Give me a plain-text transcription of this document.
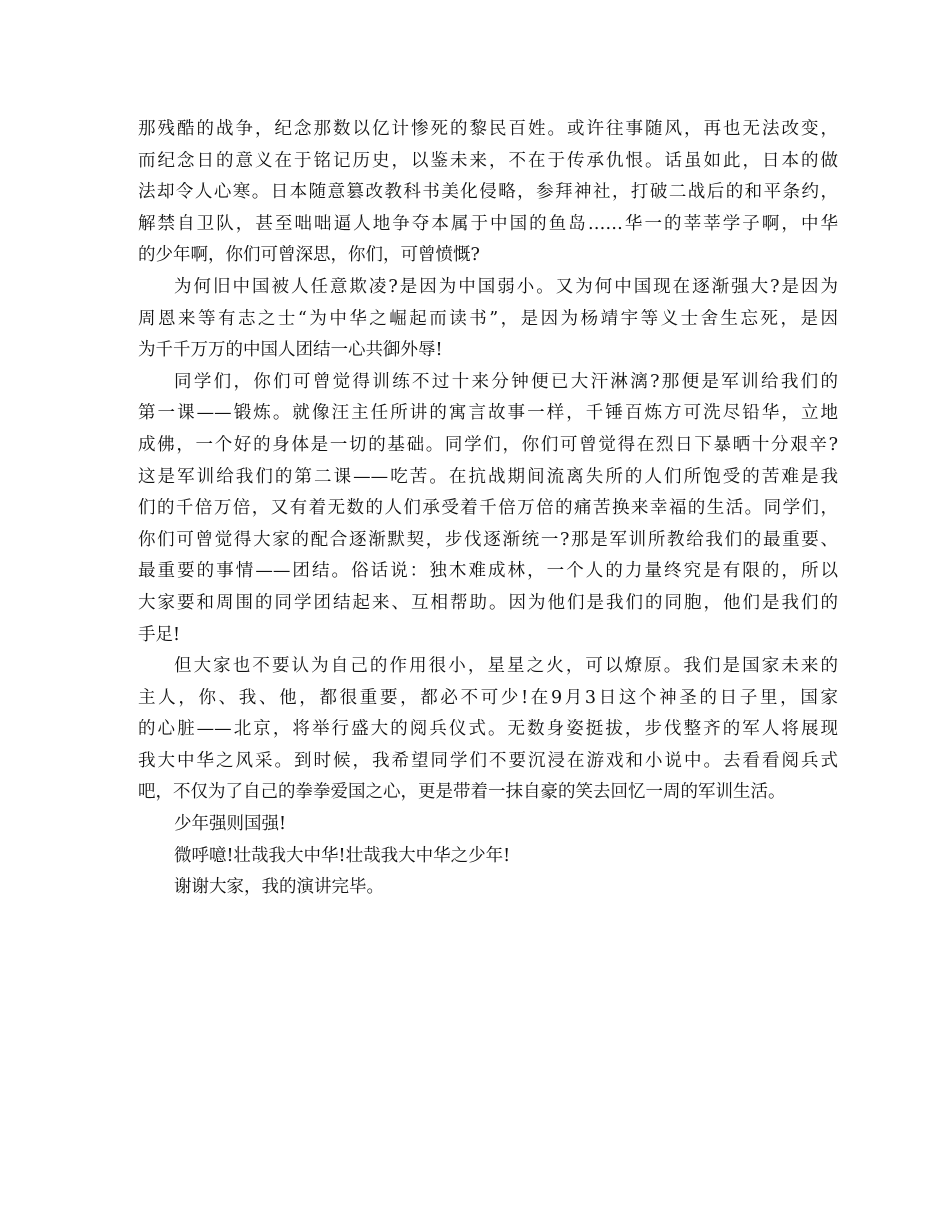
那残酷的战争，纪念那数以亿计惨死的黎民百姓。或许往事随风，再也无法改变，
而纪念日的意义在于铭记历史，以鉴未来，不在于传承仇恨。话虽如此，日本的做
法却令人心寒。日本随意篡改教科书美化侵略，参拜神社，打破二战后的和平条约，
解禁自卫队，甚至咄咄逼人地争夺本属于中国的鱼岛……华一的莘莘学子啊，中华
的少年啊，你们可曾深思，你们，可曾愤慨?
为何旧中国被人任意欺凌?是因为中国弱小。又为何中国现在逐渐强大?是因为
周恩来等有志之士“为中华之崛起而读书”，是因为杨靖宇等义士舍生忘死，是因
为千千万万的中国人团结一心共御外辱!
同学们，你们可曾觉得训练不过十来分钟便已大汗淋漓?那便是军训给我们的
第一课——锻炼。就像汪主任所讲的寓言故事一样，千锤百炼方可洗尽铅华，立地
成佛，一个好的身体是一切的基础。同学们，你们可曾觉得在烈日下暴晒十分艰辛?
这是军训给我们的第二课——吃苦。在抗战期间流离失所的人们所饱受的苦难是我
们的千倍万倍，又有着无数的人们承受着千倍万倍的痛苦换来幸福的生活。同学们，
你们可曾觉得大家的配合逐渐默契，步伐逐渐统一?那是军训所教给我们的最重要、
最重要的事情——团结。俗话说：独木难成林，一个人的力量终究是有限的，所以
大家要和周围的同学团结起来、互相帮助。因为他们是我们的同胞，他们是我们的
手足!
但大家也不要认为自己的作用很小，星星之火，可以燎原。我们是国家未来的
主人，你、我、他，都很重要，都必不可少!在9月3日这个神圣的日子里，国家
的心脏——北京，将举行盛大的阅兵仪式。无数身姿挺拔，步伐整齐的军人将展现
我大中华之风采。到时候，我希望同学们不要沉浸在游戏和小说中。去看看阅兵式
吧，不仅为了自己的拳拳爱国之心，更是带着一抹自豪的笑去回忆一周的军训生活。
少年强则国强!
微呼噫!壮哉我大中华!壮哉我大中华之少年!
谢谢大家，我的演讲完毕。
